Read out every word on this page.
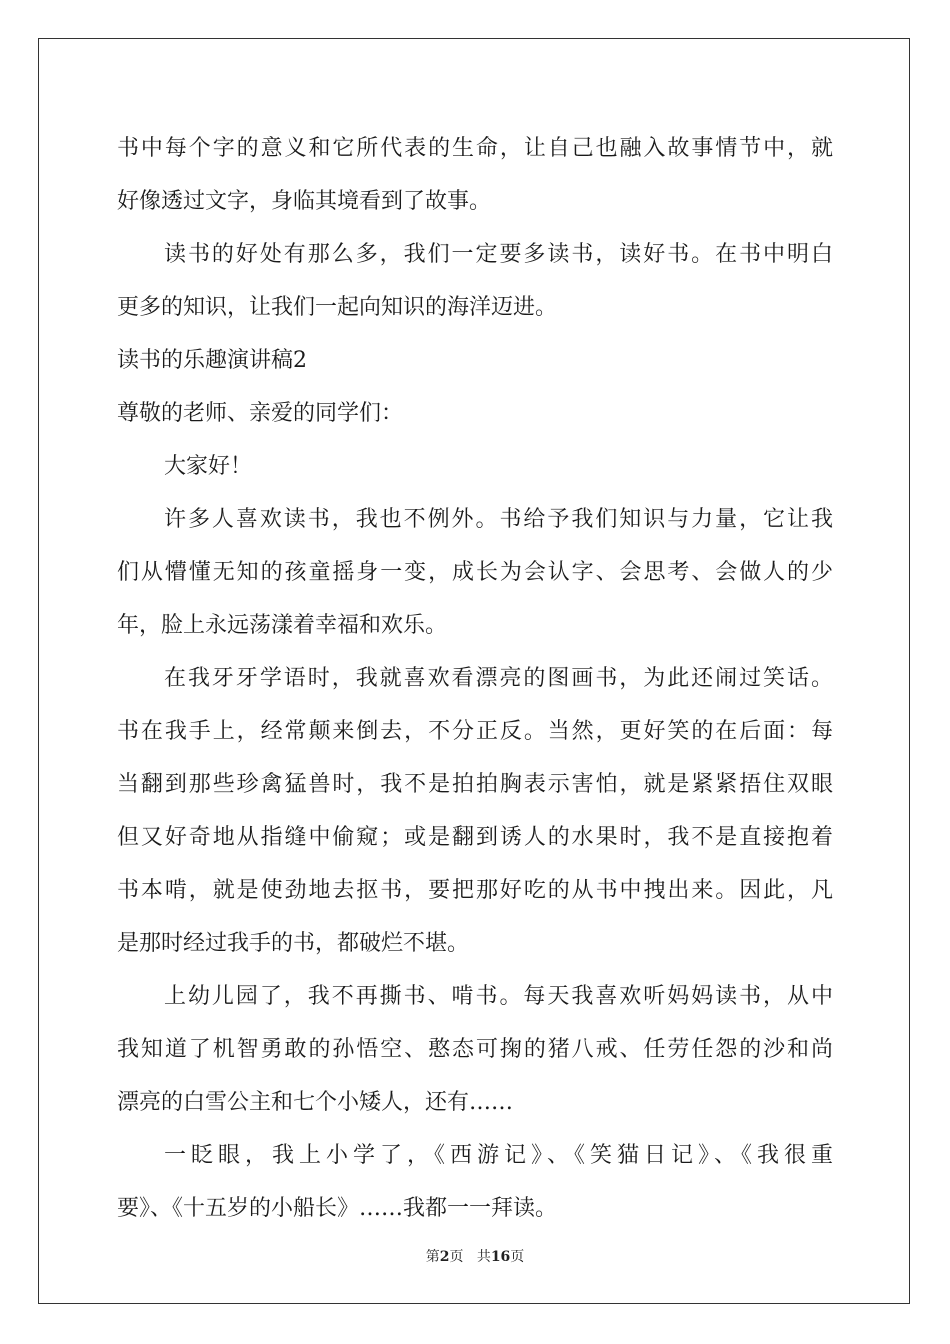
书中每个字的意义和它所代表的生命，让自己也融入故事情节中，就
好像透过文字，身临其境看到了故事。
读书的好处有那么多，我们一定要多读书，读好书。在书中明白
更多的知识，让我们一起向知识的海洋迈进。
读书的乐趣演讲稿2
尊敬的老师、亲爱的同学们：
大家好！
许多人喜欢读书，我也不例外。书给予我们知识与力量，它让我
们从懵懂无知的孩童摇身一变，成长为会认字、会思考、会做人的少
年，脸上永远荡漾着幸福和欢乐。
在我牙牙学语时，我就喜欢看漂亮的图画书，为此还闹过笑话。
书在我手上，经常颠来倒去，不分正反。当然，更好笑的在后面：每
当翻到那些珍禽猛兽时，我不是拍拍胸表示害怕，就是紧紧捂住双眼
但又好奇地从指缝中偷窥；或是翻到诱人的水果时，我不是直接抱着
书本啃，就是使劲地去抠书，要把那好吃的从书中拽出来。因此，凡
是那时经过我手的书，都破烂不堪。
上幼儿园了，我不再撕书、啃书。每天我喜欢听妈妈读书，从中
我知道了机智勇敢的孙悟空、憨态可掬的猪八戒、任劳任怨的沙和尚
漂亮的白雪公主和七个小矮人，还有……
一眨眼，我上小学了，《西游记》、《笑猫日记》、《我很重
要》、《十五岁的小船长》……我都一一拜读。
第2页 共16页
